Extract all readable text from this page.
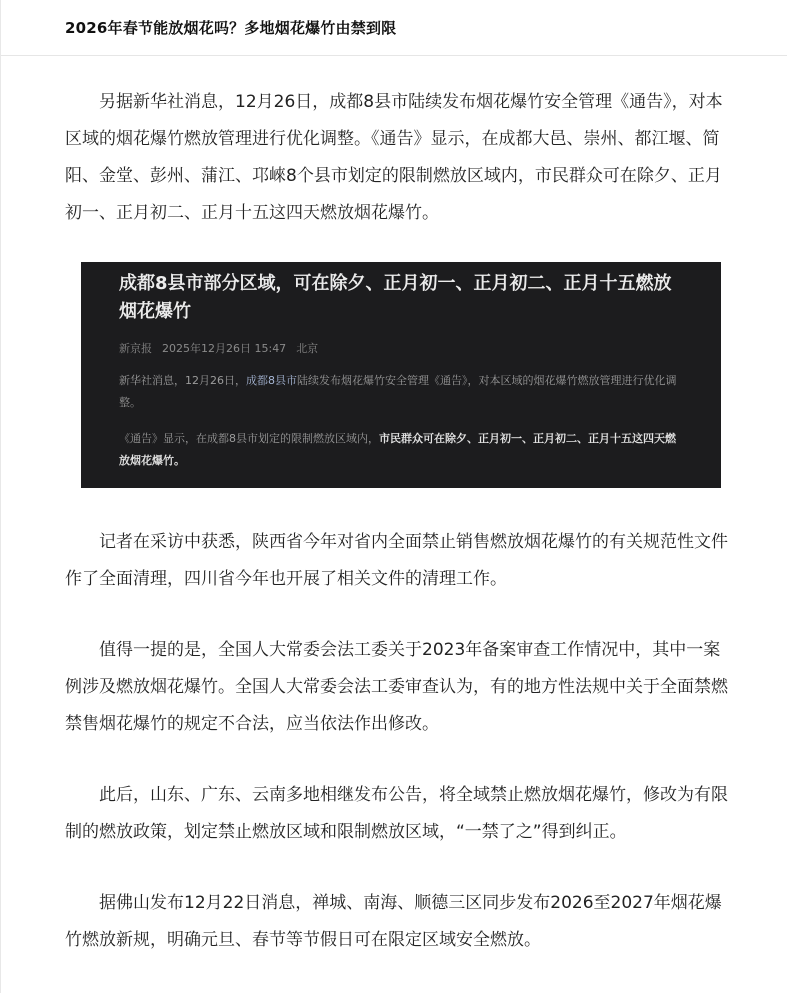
2026年春节能放烟花吗？多地烟花爆竹由禁到限

另据新华社消息，12月26日，成都8县市陆续发布烟花爆竹安全管理《通告》，对本区域的烟花爆竹燃放管理进行优化调整。《通告》显示，在成都大邑、崇州、都江堰、简阳、金堂、彭州、蒲江、邛崍8个县市划定的限制燃放区域内，市民群众可在除夕、正月初一、正月初二、正月十五这四天燃放烟花爆竹。

成都8县市部分区域，可在除夕、正月初一、正月初二、正月十五燃放烟花爆竹

新京报 2025年12月26日 15:47 北京

新华社消息，12月26日，成都8县市陆续发布烟花爆竹安全管理《通告》，对本区域的烟花爆竹燃放管理进行优化调整。

《通告》显示，在成都8县市划定的限制燃放区域内，市民群众可在除夕、正月初一、正月初二、正月十五这四天燃放烟花爆竹。

记者在采访中获悉，陕西省今年对省内全面禁止销售燃放烟花爆竹的有关规范性文件作了全面清理，四川省今年也开展了相关文件的清理工作。

值得一提的是，全国人大常委会法工委关于2023年备案审查工作情况中，其中一案例涉及燃放烟花爆竹。全国人大常委会法工委审查认为，有的地方性法规中关于全面禁燃禁售烟花爆竹的规定不合法，应当依法作出修改。

此后，山东、广东、云南多地相继发布公告，将全域禁止燃放烟花爆竹，修改为有限制的燃放政策，划定禁止燃放区域和限制燃放区域，“一禁了之”得到纠正。

据佛山发布12月22日消息，禅城、南海、顺德三区同步发布2026至2027年烟花爆竹燃放新规，明确元旦、春节等节假日可在限定区域安全燃放。
